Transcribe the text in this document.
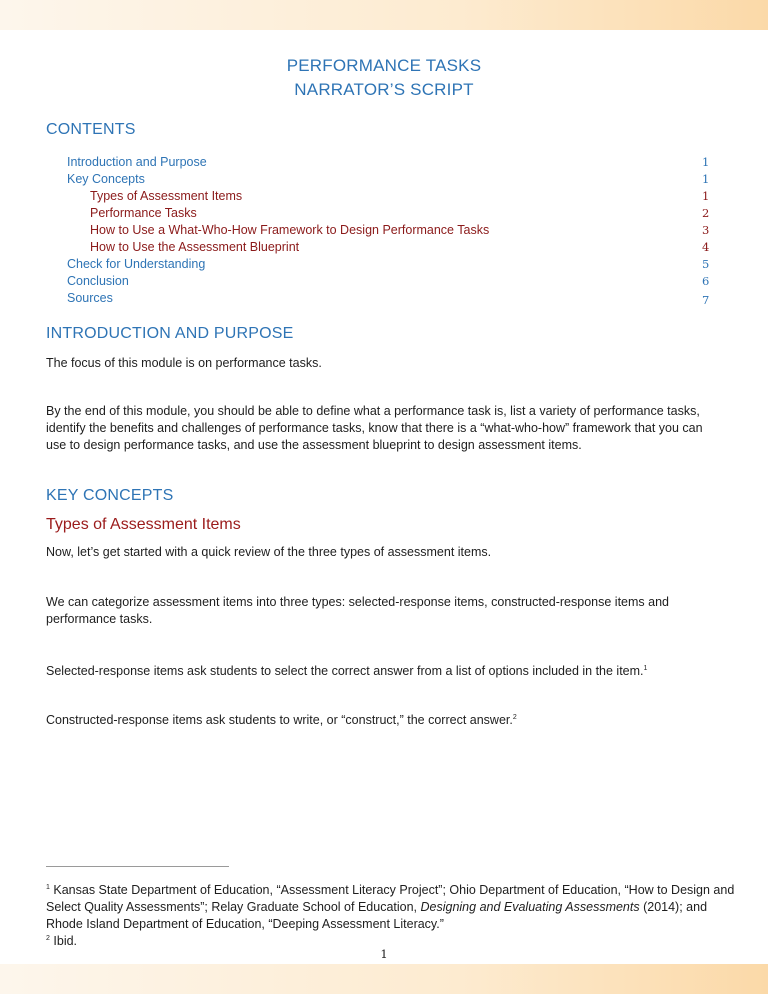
PERFORMANCE TASKS
NARRATOR’S SCRIPT
CONTENTS
Introduction and Purpose	1
Key Concepts	1
Types of Assessment Items	1
Performance Tasks	2
How to Use a What-Who-How Framework to Design Performance Tasks	3
How to Use the Assessment Blueprint	4
Check for Understanding	5
Conclusion	6
Sources	7
INTRODUCTION AND PURPOSE
The focus of this module is on performance tasks.
By the end of this module, you should be able to define what a performance task is, list a variety of performance tasks, identify the benefits and challenges of performance tasks, know that there is a “what-who-how” framework that you can use to design performance tasks, and use the assessment blueprint to design assessment items.
KEY CONCEPTS
Types of Assessment Items
Now, let’s get started with a quick review of the three types of assessment items.
We can categorize assessment items into three types: selected-response items, constructed-response items and performance tasks.
Selected-response items ask students to select the correct answer from a list of options included in the item.$^1$
Constructed-response items ask students to write, or “construct,” the correct answer.$^2$
$^1$ Kansas State Department of Education, “Assessment Literacy Project”; Ohio Department of Education, “How to Design and Select Quality Assessments”; Relay Graduate School of Education, Designing and Evaluating Assessments (2014); and Rhode Island Department of Education, “Deeping Assessment Literacy.”
$^2$ Ibid.
1
